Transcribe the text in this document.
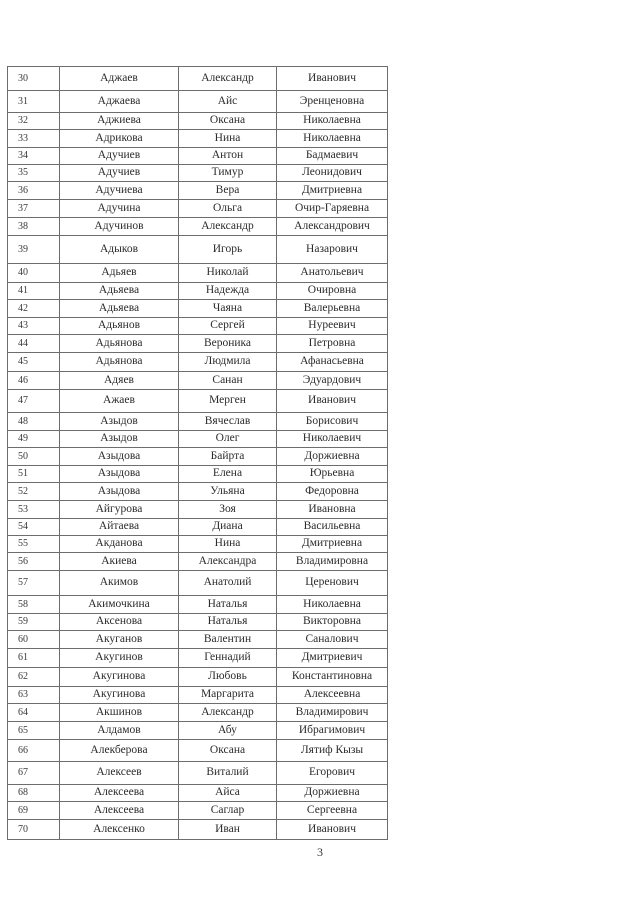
30	Аджаев	Александр	Иванович
31	Аджаева	Айс	Эренценовна
32	Аджиева	Оксана	Николаевна
33	Адрикова	Нина	Николаевна
34	Адучиев	Антон	Бадмаевич
35	Адучиев	Тимур	Леонидович
36	Адучиева	Вера	Дмитриевна
37	Адучина	Ольга	Очир-Гаряевна
38	Адучинов	Александр	Александрович
39	Адыков	Игорь	Назарович
40	Адьяев	Николай	Анатольевич
41	Адьяева	Надежда	Очировна
42	Адьяева	Чаяна	Валерьевна
43	Адьянов	Сергей	Нуреевич
44	Адьянова	Вероника	Петровна
45	Адьянова	Людмила	Афанасьевна
46	Адяев	Санан	Эдуардович
47	Ажаев	Мерген	Иванович
48	Азыдов	Вячеслав	Борисович
49	Азыдов	Олег	Николаевич
50	Азыдова	Байрта	Доржиевна
51	Азыдова	Елена	Юрьевна
52	Азыдова	Ульяна	Федоровна
53	Айгурова	Зоя	Ивановна
54	Айтаева	Диана	Васильевна
55	Акданова	Нина	Дмитриевна
56	Акиева	Александра	Владимировна
57	Акимов	Анатолий	Церенович
58	Акимочкина	Наталья	Николаевна
59	Аксенова	Наталья	Викторовна
60	Акуганов	Валентин	Саналович
61	Акугинов	Геннадий	Дмитриевич
62	Акугинова	Любовь	Константиновна
63	Акугинова	Маргарита	Алексеевна
64	Акшинов	Александр	Владимирович
65	Алдамов	Абу	Ибрагимович
66	Алекберова	Оксана	Лятиф Кызы
67	Алексеев	Виталий	Егорович
68	Алексеева	Айса	Доржиевна
69	Алексеева	Саглар	Сергеевна
70	Алексенко	Иван	Иванович
3
